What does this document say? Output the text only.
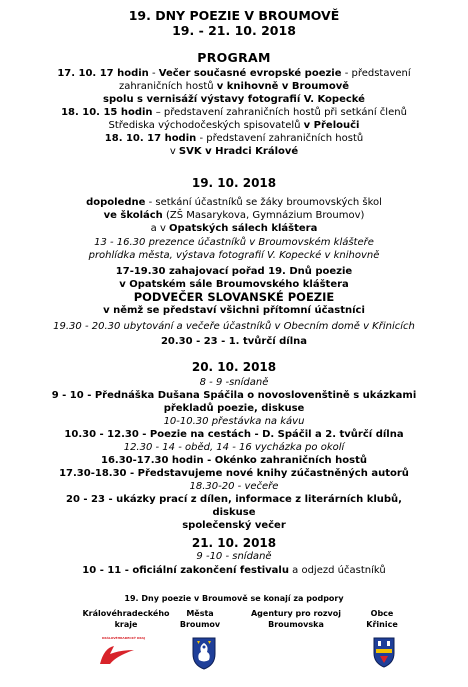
19. DNY POEZIE V BROUMOVĚ
19. - 21. 10. 2018
PROGRAM
17. 10. 17 hodin - Večer současné evropské poezie - představení
zahraničních hostů v knihovně v Broumově
spolu s vernisáží výstavy fotografií V. Kopecké
18. 10. 15 hodin – představení zahraničních hostů při setkání členů
Střediska východočeských spisovatelů v Přelouči
18. 10. 17 hodin - představení zahraničních hostů
v SVK v Hradci Králové
19. 10. 2018
dopoledne - setkání účastníků se žáky broumovských škol
ve školách (ZŠ Masarykova, Gymnázium Broumov)
a v Opatských sálech kláštera
13 - 16.30 prezence účastníků v Broumovském klášteře
prohlídka města, výstava fotografií V. Kopecké v knihovně
17-19.30 zahajovací pořad 19. Dnů poezie
v Opatském sále Broumovského kláštera
PODVEČER SLOVANSKÉ POEZIE
v němž se představí všichni přítomní účastníci
19.30 - 20.30 ubytování a večeře účastníků v Obecním domě v Křinicích
20.30 - 23 - 1. tvůrčí dílna
20. 10. 2018
8 - 9 -snídaně
9 - 10 - Přednáška Dušana Spáčila o novoslovenštině s ukázkami
překladů poezie, diskuse
10-10.30 přestávka na kávu
10.30 - 12.30 - Poezie na cestách - D. Spáčil a 2. tvůrčí dílna
12.30 - 14 - oběd, 14 - 16 vycházka po okolí
16.30-17.30 hodin - Okénko zahraničních hostů
17.30-18.30 - Představujeme nové knihy zúčastněných autorů
18.30-20 - večeře
20 - 23 - ukázky prací z dílen, informace z literárních klubů,
diskuse
společenský večer
21. 10. 2018
9 -10 - snídaně
10 - 11 - oficiální zakončení festivalu a odjezd účastníků
19. Dny poezie v Broumově se konají za podpory
Královéhradeckého
kraje
Města
Broumov
Agentury pro rozvoj
Broumovska
Obce
Křinice
KRÁLOVÉHRADECKÝ KRAJ
